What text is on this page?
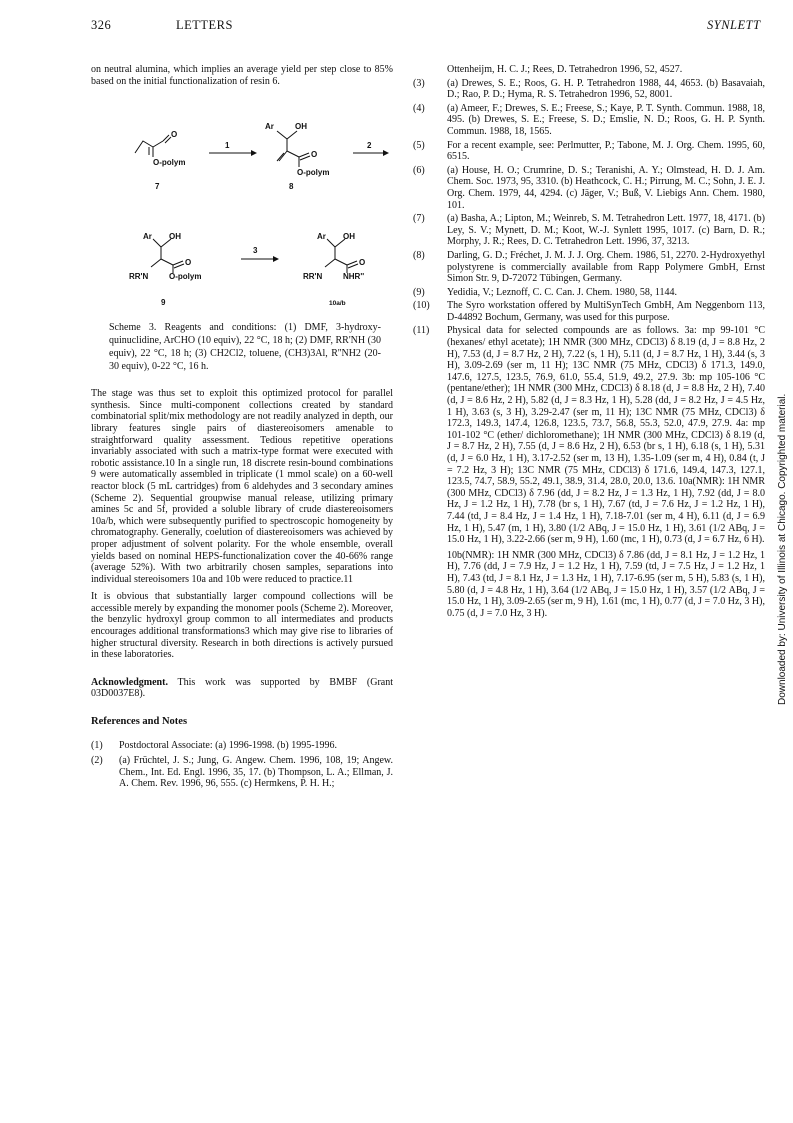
326	LETTERS	SYNLETT

on neutral alumina, which implies an average yield per step close to 85% based on the initial functionalization of resin 6.

O
O-polym
7
1
Ar	OH
O
O-polym
8
2
Ar OH
O
RR'N	O-polym
9
3
Ar OH
O
RR'N	NHR''
10a/b

Scheme 3. Reagents and conditions: (1) DMF, 3-hydroxy-quinuclidine, ArCHO (10 equiv), 22 °C, 18 h; (2) DMF, RR'NH (30 equiv), 22 °C, 18 h; (3) CH2Cl2, toluene, (CH3)3Al, R''NH2 (20-30 equiv), 0-22 °C, 16 h.

The stage was thus set to exploit this optimized protocol for parallel synthesis. Since multi-component collections created by standard combinatorial split/mix methodology are not readily analyzed in depth, our library features single pairs of diastereoisomers amenable to straightforward quality assessment. Tedious repetitive operations invariably associated with such a matrix-type format were executed with robotic assistance.10 In a single run, 18 discrete resin-bound combinations 9 were automatically assembled in triplicate (1 mmol scale) on a 60-well reactor block (5 mL cartridges) from 6 aldehydes and 3 secondary amines (Scheme 2). Sequential groupwise manual release, utilizing primary amines 5c and 5f, provided a soluble library of crude diastereoisomers 10a/b, which were subsequently purified to spectroscopic homogeneity by chromatography. Generally, coelution of diastereoisomers was achieved by proper adjustment of solvent polarity. For the whole ensemble, overall yields based on nominal HEPS-functionalization cover the 40-66% range (average 52%). With two arbitrarily chosen samples, separations into individual stereoisomers 10a and 10b were reduced to practice.11

It is obvious that substantially larger compound collections will be accessible merely by expanding the monomer pools (Scheme 2). Moreover, the benzylic hydroxyl group common to all intermediates and products encourages additional transformations3 which may give rise to libraries of higher structural diversity. Research in both directions is actively pursued in these laboratories.

Acknowledgment. This work was supported by BMBF (Grant 03D0037E8).

References and Notes
(1) Postdoctoral Associate: (a) 1996-1998. (b) 1995-1996.
(2) (a) Früchtel, J. S.; Jung, G. Angew. Chem. 1996, 108, 19; Angew. Chem., Int. Ed. Engl. 1996, 35, 17. (b) Thompson, L. A.; Ellman, J. A. Chem. Rev. 1996, 96, 555. (c) Hermkens, P. H. H.;
Ottenheijm, H. C. J.; Rees, D. Tetrahedron 1996, 52, 4527.
(3) (a) Drewes, S. E.; Roos, G. H. P. Tetrahedron 1988, 44, 4653. (b) Basavaiah, D.; Rao, P. D.; Hyma, R. S. Tetrahedron 1996, 52, 8001.
(4) (a) Ameer, F.; Drewes, S. E.; Freese, S.; Kaye, P. T. Synth. Commun. 1988, 18, 495. (b) Drewes, S. E.; Freese, S. D.; Emslie, N. D.; Roos, G. H. P. Synth. Commun. 1988, 18, 1565.
(5) For a recent example, see: Perlmutter, P.; Tabone, M. J. Org. Chem. 1995, 60, 6515.
(6) (a) House, H. O.; Crumrine, D. S.; Teranishi, A. Y.; Olmstead, H. D. J. Am. Chem. Soc. 1973, 95, 3310. (b) Heathcock, C. H.; Pirrung, M. C.; Sohn, J. E. J. Org. Chem. 1979, 44, 4294. (c) Jäger, V.; Buß, V. Liebigs Ann. Chem. 1980, 101.
(7) (a) Basha, A.; Lipton, M.; Weinreb, S. M. Tetrahedron Lett. 1977, 18, 4171. (b) Ley, S. V.; Mynett, D. M.; Koot, W.-J. Synlett 1995, 1017. (c) Barn, D. R.; Morphy, J. R.; Rees, D. C. Tetrahedron Lett. 1996, 37, 3213.
(8) Darling, G. D.; Fréchet, J. M. J. J. Org. Chem. 1986, 51, 2270. 2-Hydroxyethyl polystyrene is commercially available from Rapp Polymere GmbH, Ernst Simon Str. 9, D-72072 Tübingen, Germany.
(9) Yedidia, V.; Leznoff, C. C. Can. J. Chem. 1980, 58, 1144.
(10) The Syro workstation offered by MultiSynTech GmbH, Am Neggenborn 113, D-44892 Bochum, Germany, was used for this purpose.
(11) Physical data for selected compounds are as follows. 3a: mp 99-101 °C (hexanes/ ethyl acetate); 1H NMR (300 MHz, CDCl3) δ 8.19 (d, J = 8.8 Hz, 2 H), 7.53 (d, J = 8.7 Hz, 2 H), 7.22 (s, 1 H), 5.11 (d, J = 8.7 Hz, 1 H), 3.44 (s, 3 H), 3.09-2.69 (ser m, 11 H); 13C NMR (75 MHz, CDCl3) δ 171.3, 149.0, 147.6, 127.5, 123.5, 76.9, 61.0, 55.4, 51.9, 49.2, 27.9. 3b: mp 105-106 °C (pentane/ether); 1H NMR (300 MHz, CDCl3) δ 8.18 (d, J = 8.8 Hz, 2 H), 7.40 (d, J = 8.6 Hz, 2 H), 5.82 (d, J = 8.3 Hz, 1 H), 5.28 (dd, J = 8.2 Hz, J = 4.5 Hz, 1 H), 3.63 (s, 3 H), 3.29-2.47 (ser m, 11 H); 13C NMR (75 MHz, CDCl3) δ 172.3, 149.3, 147.4, 126.8, 123.5, 73.7, 56.8, 55.3, 52.0, 47.9, 27.9. 4a: mp 101-102 °C (ether/ dichloromethane); 1H NMR (300 MHz, CDCl3) δ 8.19 (d, J = 8.7 Hz, 2 H), 7.55 (d, J = 8.6 Hz, 2 H), 6.53 (br s, 1 H), 6.18 (s, 1 H), 5.31 (d, J = 6.0 Hz, 1 H), 3.17-2.52 (ser m, 13 H), 1.35-1.09 (ser m, 4 H), 0.84 (t, J = 7.2 Hz, 3 H); 13C NMR (75 MHz, CDCl3) δ 171.6, 149.4, 147.3, 127.1, 123.5, 74.7, 58.9, 55.2, 49.1, 38.9, 31.4, 28.0, 20.0, 13.6. 10a(NMR): 1H NMR (300 MHz, CDCl3) δ 7.96 (dd, J = 8.2 Hz, J = 1.3 Hz, 1 H), 7.92 (dd, J = 8.0 Hz, J = 1.2 Hz, 1 H), 7.78 (br s, 1 H), 7.67 (td, J = 7.6 Hz, J = 1.2 Hz, 1 H), 7.44 (td, J = 8.4 Hz, J = 1.4 Hz, 1 H), 7.18-7.01 (ser m, 4 H), 6.11 (d, J = 6.9 Hz, 1 H), 5.47 (m, 1 H), 3.80 (1/2 ABq, J = 15.0 Hz, 1 H), 3.61 (1/2 ABq, J = 15.0 Hz, 1 H), 3.22-2.66 (ser m, 9 H), 1.60 (mc, 1 H), 0.73 (d, J = 6.7 Hz, 6 H).
10b(NMR): 1H NMR (300 MHz, CDCl3) δ 7.86 (dd, J = 8.1 Hz, J = 1.2 Hz, 1 H), 7.76 (dd, J = 7.9 Hz, J = 1.2 Hz, 1 H), 7.59 (td, J = 7.5 Hz, J = 1.2 Hz, 1 H), 7.43 (td, J = 8.1 Hz, J = 1.3 Hz, 1 H), 7.17-6.95 (ser m, 5 H), 5.83 (s, 1 H), 5.80 (d, J = 4.8 Hz, 1 H), 3.64 (1/2 ABq, J = 15.0 Hz, 1 H), 3.57 (1/2 ABq, J = 15.0 Hz, 1 H), 3.09-2.65 (ser m, 9 H), 1.61 (mc, 1 H), 0.77 (d, J = 7.0 Hz, 3 H), 0.75 (d, J = 7.0 Hz, 3 H).	Downloaded by: University of Illinois at Chicago. Copyrighted material.
